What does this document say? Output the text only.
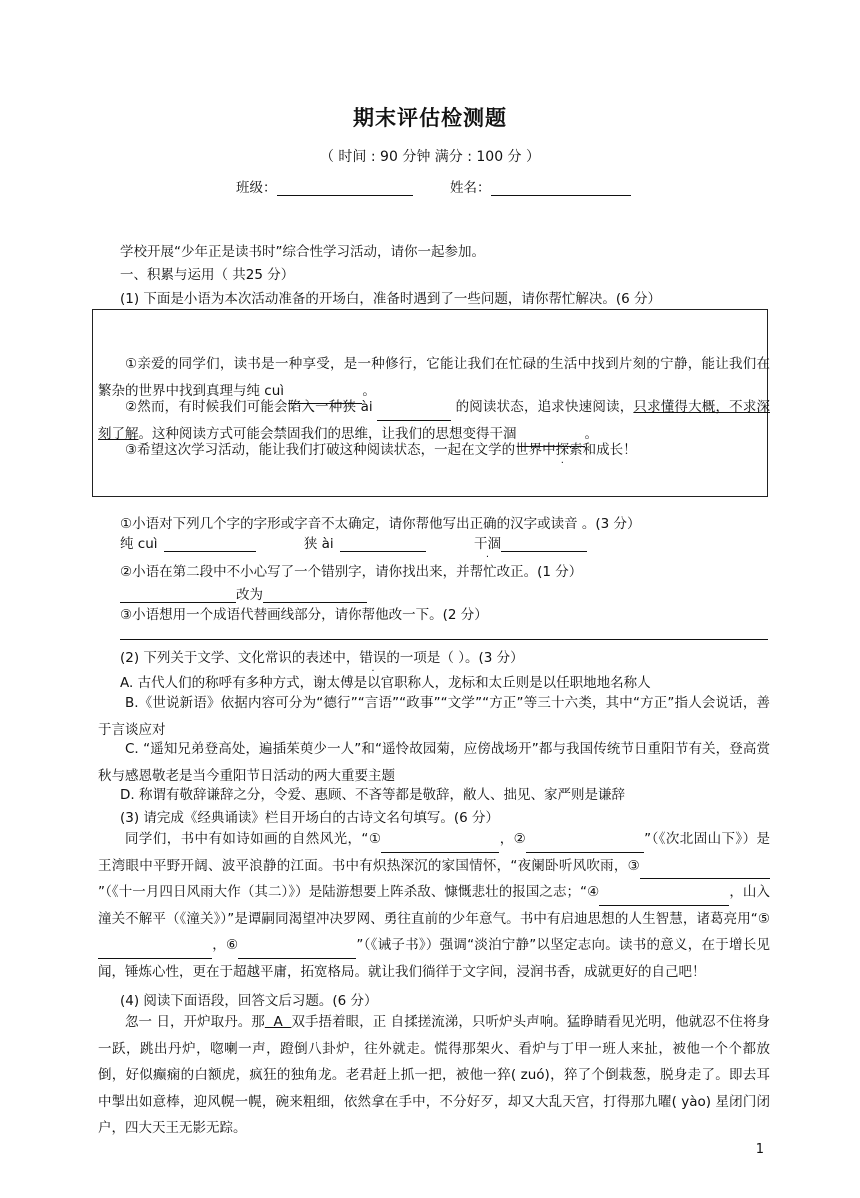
期末评估检测题
（ 时间 : 90 分钟 满分 : 100 分 ）
班级：	姓名：
学校开展“少年正是读书时”综合性学习活动，请你一起参加。
一、积累与运用（ 共25 分）
(1) 下面是小语为本次活动准备的开场白，准备时遇到了一些问题，请你帮忙解决。(6 分）
①亲爱的同学们，读书是一种享受，是一种修行，它能让我们在忙碌的生活中找到片刻的宁静，能让我们在繁杂的世界中找到真理与纯 cuì	。
②然而，有时候我们可能会陷入一种狭 ài	的阅读状态，追求快速阅读，只求懂得大概，不求深刻了解。这种阅读方式可能会禁固我们的思维，让我们的思想变得干涸	。
③希望这次学习活动，能让我们打破这种阅读状态，一起在文学的世界中探索和成长！
①小语对下列几个字的字形或字音不太确定，请你帮他写出正确的汉字或读音 。(3 分）
纯 cuì	狭 ài	干涸
②小语在第二段中不小心写了一个错别字，请你找出来，并帮忙改正。(1 分）
改为
③小语想用一个成语代替画线部分，请你帮他改一下。(2 分）
(2) 下列关于文学、文化常识的表述中，错误的一项是（ ）。(3 分）
A. 古代人们的称呼有多种方式，谢太傅是以官职称人，龙标和太丘则是以任职地地名称人
B.《世说新语》依据内容可分为“德行”“言语”“政事”“文学”“方正”等三十六类，其中“方正”指人会说话，善于言谈应对
C. “遥知兄弟登高处，遍插茱萸少一人”和“遥怜故园菊，应傍战场开”都与我国传统节日重阳节有关，登高赏秋与感恩敬老是当今重阳节日活动的两大重要主题
D. 称谓有敬辞谦辞之分，令爱、惠顾、不吝等都是敬辞，敝人、拙见、家严则是谦辞
(3) 请完成《经典诵读》栏目开场白的古诗文名句填写。(6 分）
同学们，书中有如诗如画的自然风光，“①	，②	”（《次北固山下》）是王湾眼中平野开阔、波平浪静的江面。书中有炽热深沉的家国情怀，“夜阑卧听风吹雨，③”（《十一月四日风雨大作（其二）》）是陆游想要上阵杀敌、慷慨悲壮的报国之志；“④	，山入潼关不解平（《潼关》）”是谭嗣同渴望冲决罗网、勇往直前的少年意气。书中有启迪思想的人生智慧，诸葛亮用“⑤，⑥	”（《诫子书》）强调“淡泊宁静”以坚定志向。读书的意义，在于增长见闻，锤炼心性，更在于超越平庸，拓宽格局。就让我们徜徉于文字间，浸润书香，成就更好的自己吧！
(4) 阅读下面语段，回答文后习题。(6 分）
忽一 日，开炉取丹。那  A  双手捂着眼，正 自揉搓流涕，只听炉头声响。猛睁睛看见光明，他就忍不住将身一跃，跳出丹炉，唿喇一声，蹬倒八卦炉，往外就走。慌得那架火、看炉与丁甲一班人来扯，被他一个个都放倒，好似癫痫的白额虎，疯狂的独角龙。老君赶上抓一把，被他一猝( zuó)，猝了个倒栽葱，脱身走了。即去耳中掣出如意棒，迎风幌一幌，碗来粗细，依然拿在手中，不分好歹，却又大乱天宫，打得那九曜( yào) 星闭门闭户，四大天王无影无踪。
1
